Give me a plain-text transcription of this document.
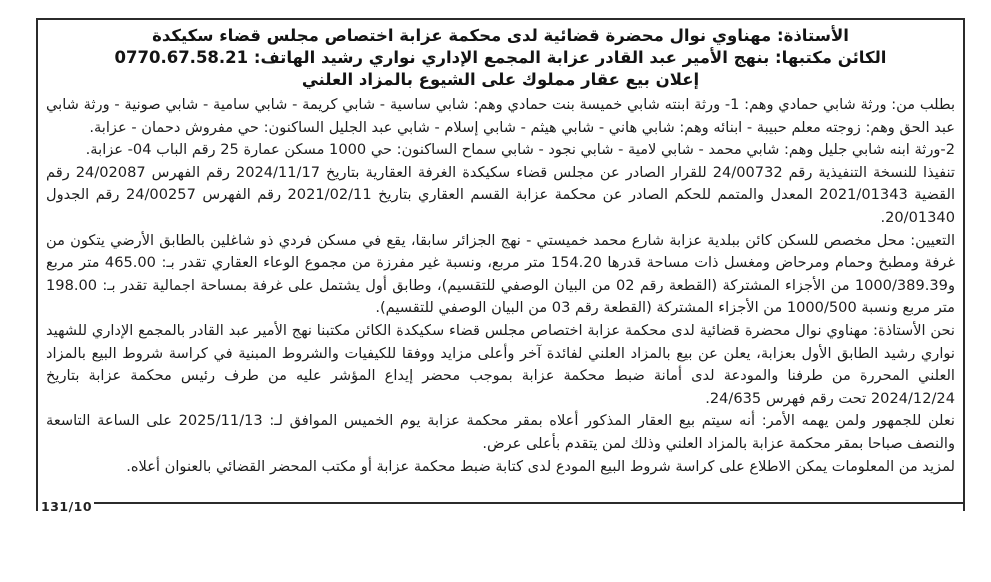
الأستاذة: مهناوي نوال محضرة قضائية لدى محكمة عزابة اختصاص مجلس قضاء سكيكدة
الكائن مكتبها: بنهج الأمير عبد القادر عزابة المجمع الإداري نواري رشيد الهاتف: 0770.67.58.21
إعلان بيع عقار مملوك على الشيوع بالمزاد العلني

بطلب من: ورثة شابي حمادي وهم: 1- ورثة ابنته شابي خميسة بنت حمادي وهم: شابي ساسية - شابي كريمة - شابي سامية - شابي صونية - ورثة شابي عبد الحق وهم: زوجته معلم حبيبة - ابنائه وهم: شابي هاني - شابي هيثم - شابي إسلام - شابي عبد الجليل الساكنون: حي مفروش دحمان - عزابة.

2-ورثة ابنه شابي جليل وهم: شابي محمد - شابي لامية - شابي نجود - شابي سماح الساكنون: حي 1000 مسكن عمارة 25 رقم الباب 04- عزابة.

تنفيذا للنسخة التنفيذية رقم 24/00732 للقرار الصادر عن مجلس قضاء سكيكدة الغرفة العقارية بتاريخ 2024/11/17 رقم الفهرس 24/02087 رقم القضية 2021/01343 المعدل والمتمم للحكم الصادر عن محكمة عزابة القسم العقاري بتاريخ 2021/02/11 رقم الفهرس 24/00257 رقم الجدول 20/01340.

التعيين: محل مخصص للسكن كائن ببلدية عزابة شارع محمد خميستي - نهج الجزائر سابقا، يقع في مسكن فردي ذو شاغلين بالطابق الأرضي يتكون من غرفة ومطبخ وحمام ومرحاض ومغسل ذات مساحة قدرها 154.20 متر مربع، ونسبة غير مفرزة من مجموع الوعاء العقاري تقدر بـ: 465.00 متر مربع و1000/389.39 من الأجزاء المشتركة (القطعة رقم 02 من البيان الوصفي للتقسيم)، وطابق أول يشتمل على غرفة بمساحة اجمالية تقدر بـ: 198.00 متر مربع ونسبة 1000/500 من الأجزاء المشتركة (القطعة رقم 03 من البيان الوصفي للتقسيم).

نحن الأستاذة: مهناوي نوال محضرة قضائية لدى محكمة عزابة اختصاص مجلس قضاء سكيكدة الكائن مكتبنا نهج الأمير عبد القادر بالمجمع الإداري للشهيد نواري رشيد الطابق الأول بعزابة، يعلن عن بيع بالمزاد العلني لفائدة آخر وأعلى مزايد ووفقا للكيفيات والشروط المبنية في كراسة شروط البيع بالمزاد العلني المحررة من طرفنا والمودعة لدى أمانة ضبط محكمة عزابة بموجب محضر إيداع المؤشر عليه من طرف رئيس محكمة عزابة بتاريخ 2024/12/24 تحت رقم فهرس 24/635.

نعلن للجمهور ولمن يهمه الأمر: أنه سيتم بيع العقار المذكور أعلاه بمقر محكمة عزابة يوم الخميس الموافق لـ: 2025/11/13 على الساعة التاسعة والنصف صباحا بمقر محكمة عزابة بالمزاد العلني وذلك لمن يتقدم بأعلى عرض.

لمزيد من المعلومات يمكن الاطلاع على كراسة شروط البيع المودع لدى كتابة ضبط محكمة عزابة أو مكتب المحضر القضائي بالعنوان أعلاه.

131/10
